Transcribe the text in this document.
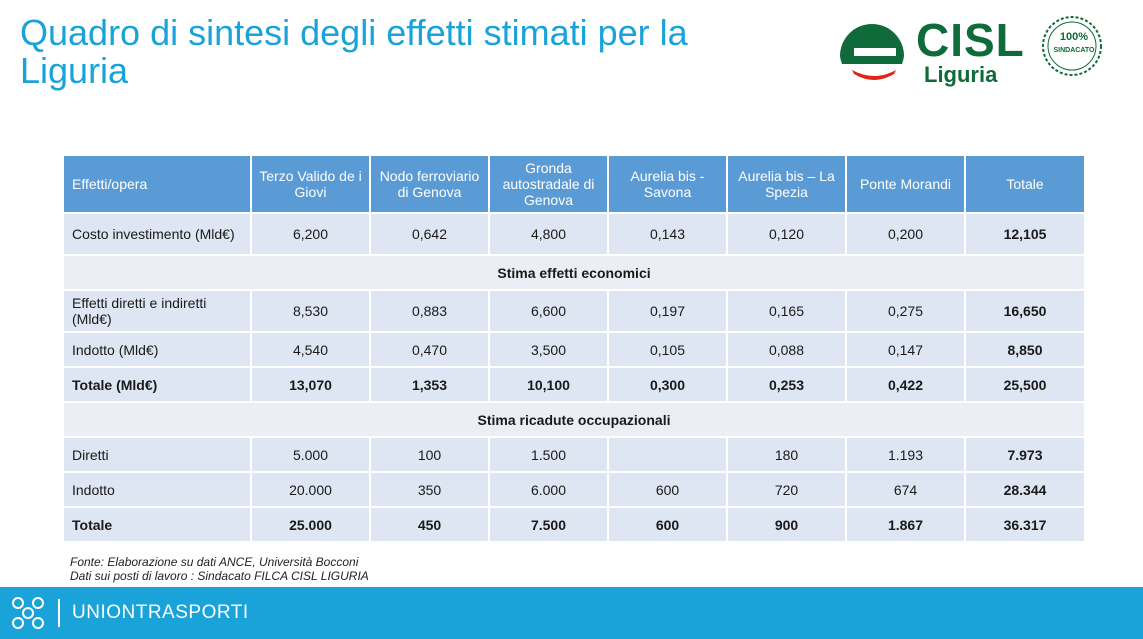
Quadro di sintesi degli effetti stimati per la Liguria
CISL
Liguria
100%
SINDACATO
Effetti/opera	Terzo Valido de i Giovi	Nodo ferroviario di Genova	Gronda autostradale di Genova	Aurelia bis - Savona	Aurelia bis – La Spezia	Ponte Morandi	Totale
Costo investimento (Mld€)	6,200	0,642	4,800	0,143	0,120	0,200	12,105
Stima effetti economici							
Effetti diretti e indiretti (Mld€)	8,530	0,883	6,600	0,197	0,165	0,275	16,650
Indotto (Mld€)	4,540	0,470	3,500	0,105	0,088	0,147	8,850
Totale (Mld€)	13,070	1,353	10,100	0,300	0,253	0,422	25,500
Stima ricadute occupazionali							
Diretti	5.000	100	1.500		180	1.193	7.973
Indotto	20.000	350	6.000	600	720	674	28.344
Totale	25.000	450	7.500	600	900	1.867	36.317
Fonte: Elaborazione su dati ANCE, Università Bocconi
Dati sui posti di lavoro : Sindacato FILCA CISL LIGURIA
UNIONTRASPORTI
